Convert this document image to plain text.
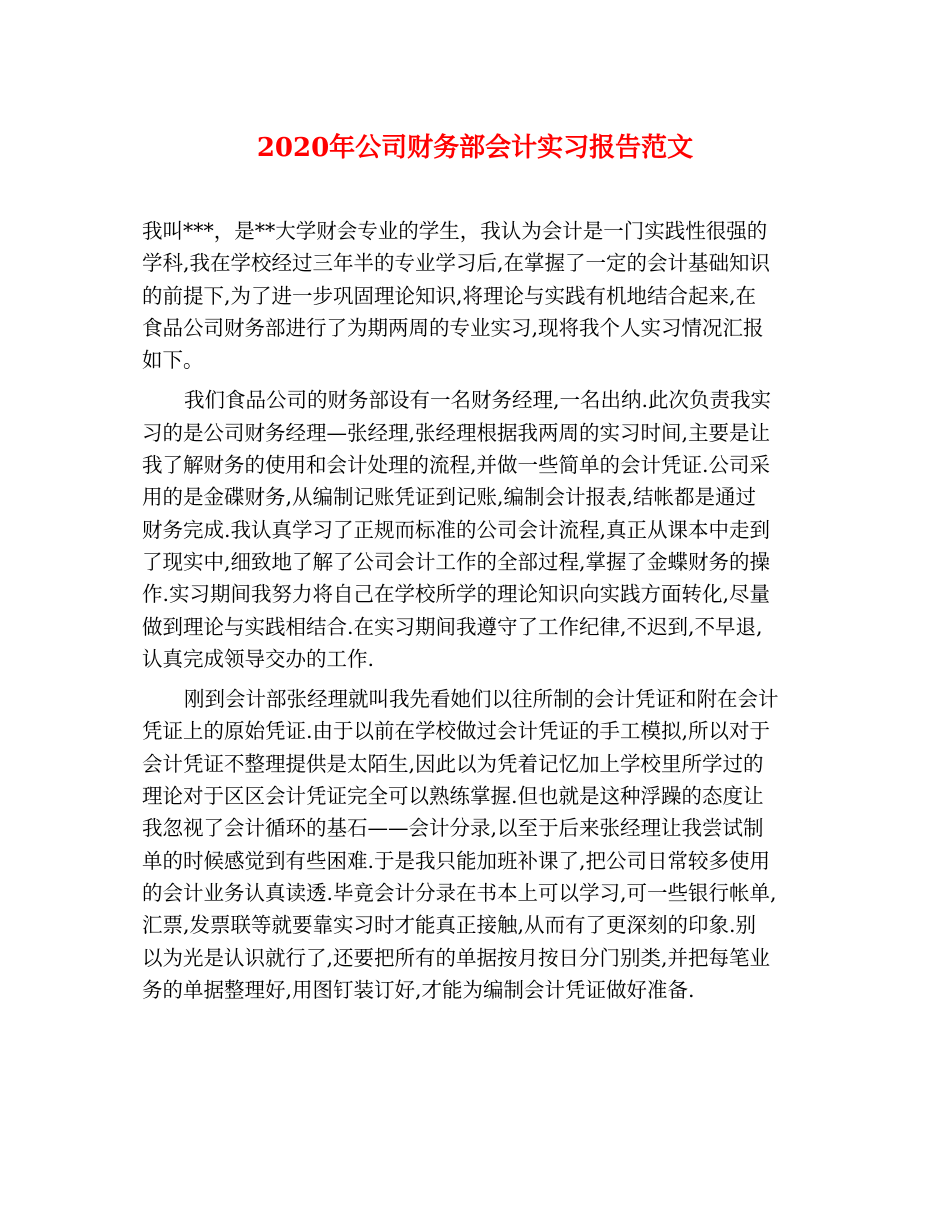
2020年公司财务部会计实习报告范文

我叫***，是**大学财会专业的学生，我认为会计是一门实践性很强的
学科,我在学校经过三年半的专业学习后,在掌握了一定的会计基础知识
的前提下,为了进一步巩固理论知识,将理论与实践有机地结合起来,在
食品公司财务部进行了为期两周的专业实习,现将我个人实习情况汇报
如下。

我们食品公司的财务部设有一名财务经理,一名出纳.此次负责我实
习的是公司财务经理—张经理,张经理根据我两周的实习时间,主要是让
我了解财务的使用和会计处理的流程,并做一些简单的会计凭证.公司采
用的是金碟财务,从编制记账凭证到记账,编制会计报表,结帐都是通过
财务完成.我认真学习了正规而标准的公司会计流程,真正从课本中走到
了现实中,细致地了解了公司会计工作的全部过程,掌握了金蝶财务的操
作.实习期间我努力将自己在学校所学的理论知识向实践方面转化,尽量
做到理论与实践相结合.在实习期间我遵守了工作纪律,不迟到,不早退,
认真完成领导交办的工作.

刚到会计部张经理就叫我先看她们以往所制的会计凭证和附在会计
凭证上的原始凭证.由于以前在学校做过会计凭证的手工模拟,所以对于
会计凭证不整理提供是太陌生,因此以为凭着记忆加上学校里所学过的
理论对于区区会计凭证完全可以熟练掌握.但也就是这种浮躁的态度让
我忽视了会计循环的基石——会计分录,以至于后来张经理让我尝试制
单的时候感觉到有些困难.于是我只能加班补课了,把公司日常较多使用
的会计业务认真读透.毕竟会计分录在书本上可以学习,可一些银行帐单,
汇票,发票联等就要靠实习时才能真正接触,从而有了更深刻的印象.别
以为光是认识就行了,还要把所有的单据按月按日分门别类,并把每笔业
务的单据整理好,用图钉装订好,才能为编制会计凭证做好准备.
